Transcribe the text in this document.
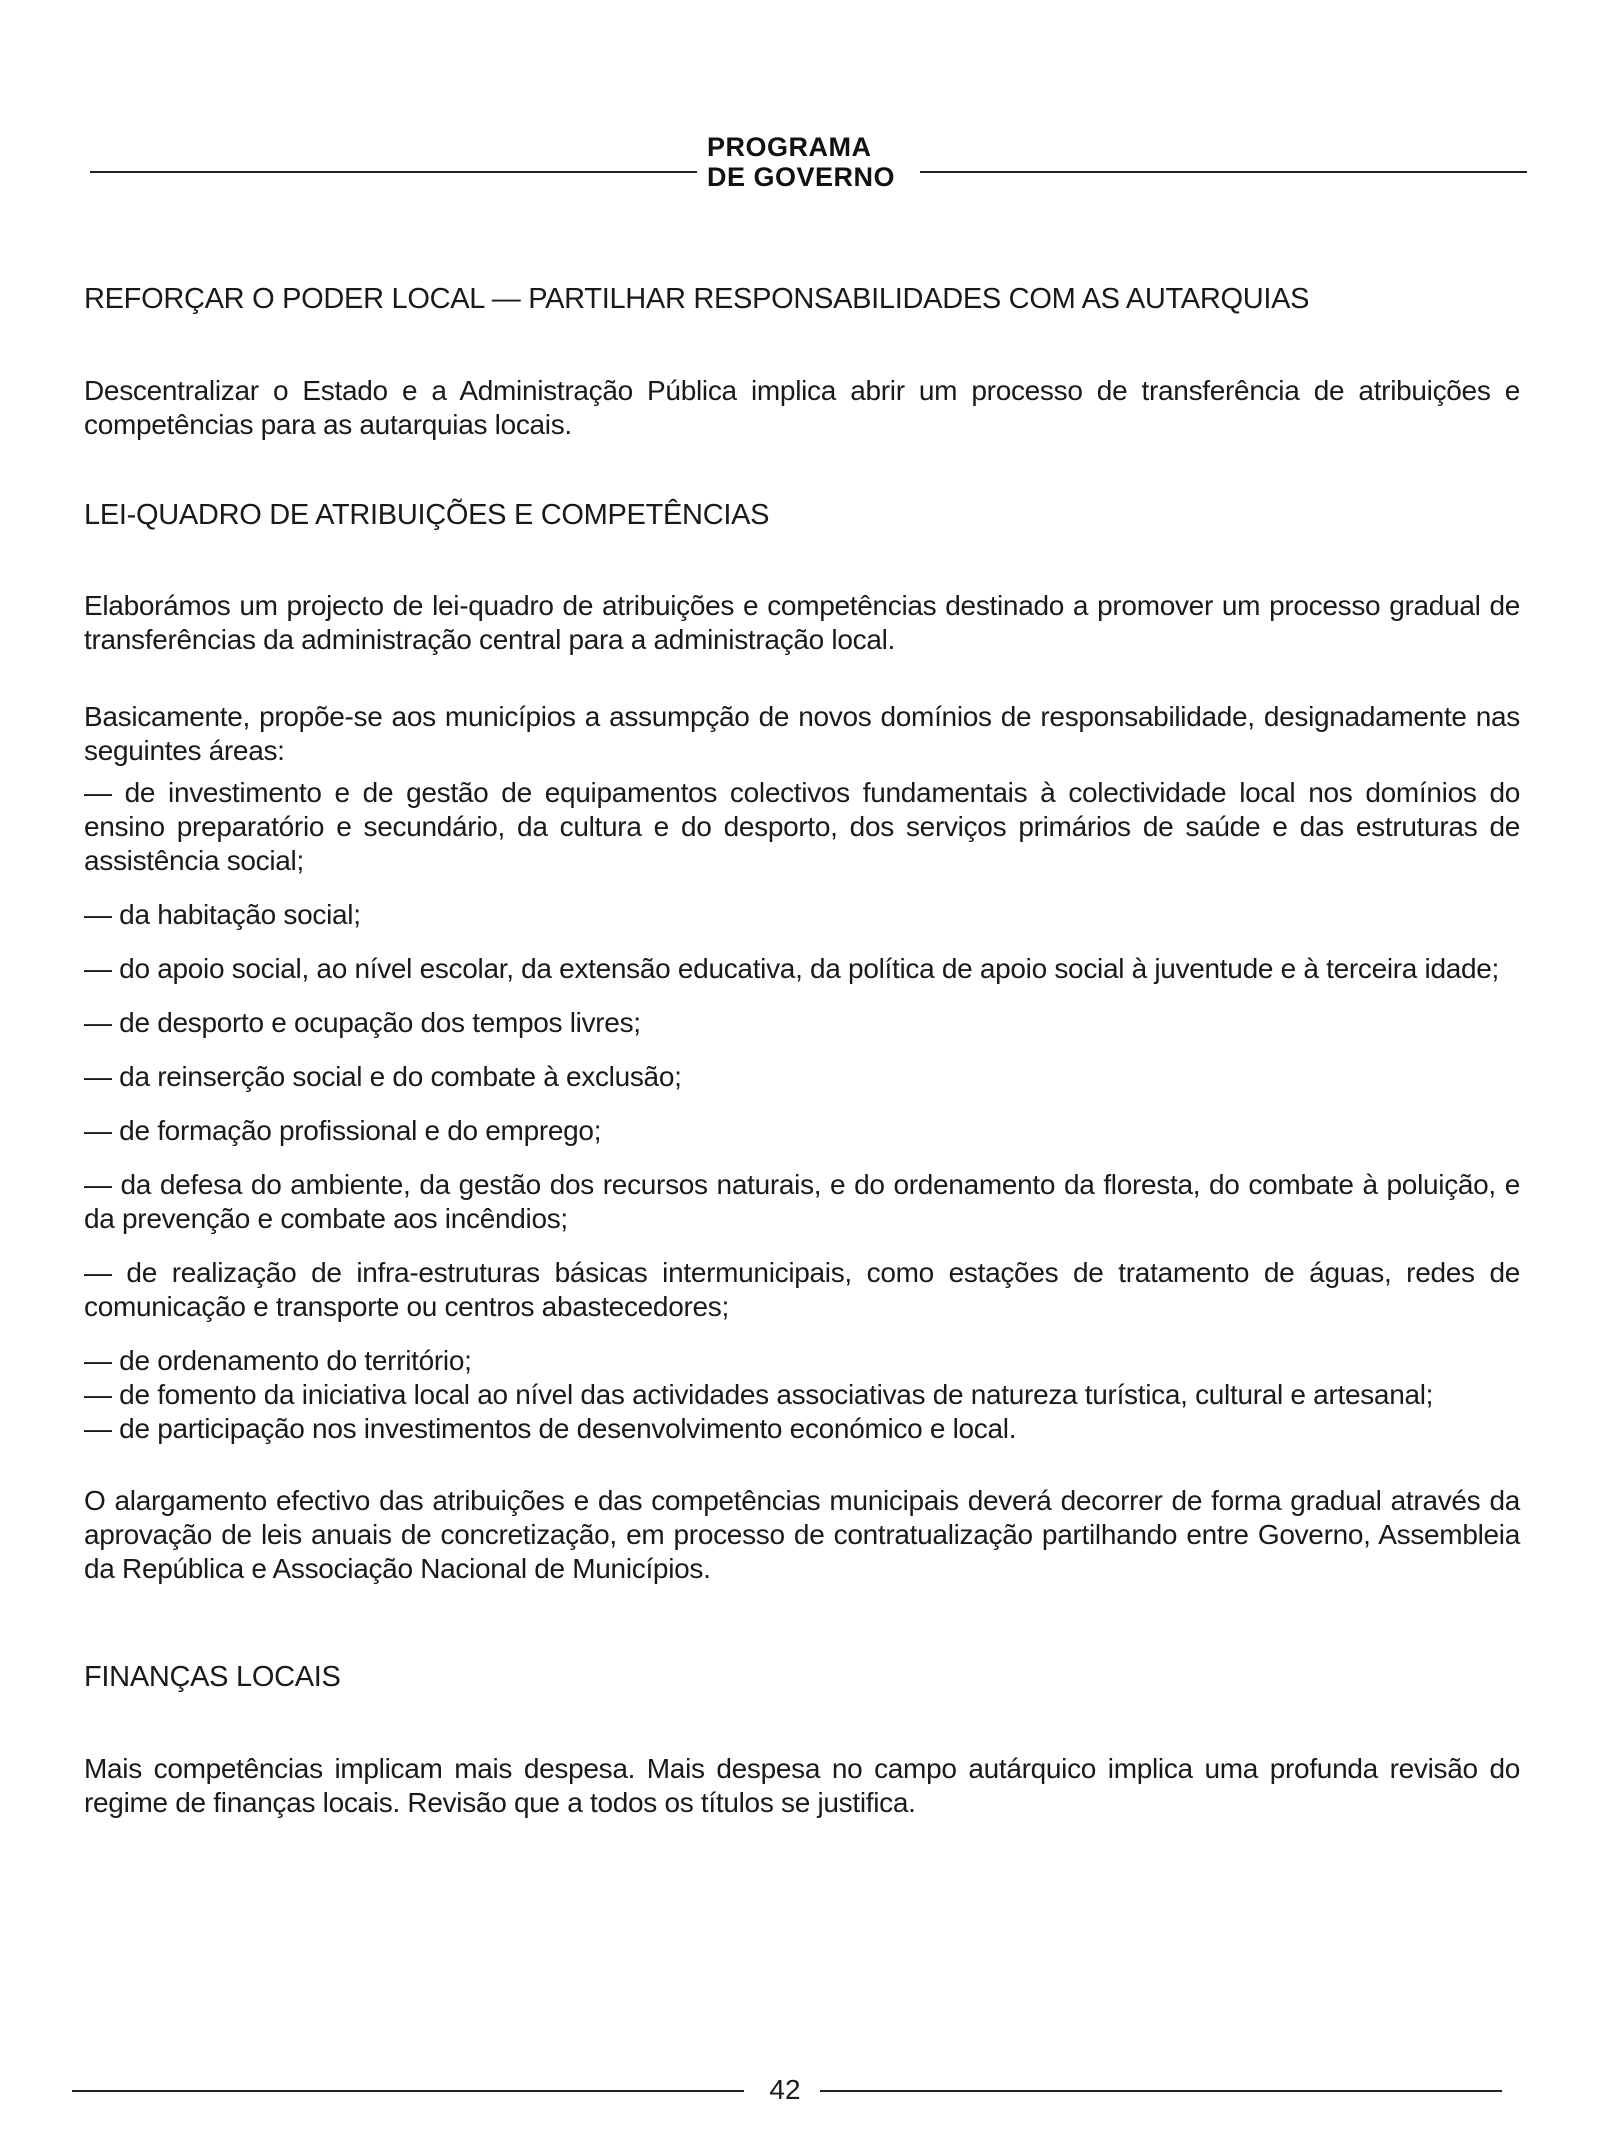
PROGRAMA
DE GOVERNO
REFORÇAR O PODER LOCAL — PARTILHAR RESPONSABILIDADES COM AS AUTARQUIAS

Descentralizar o Estado e a Administração Pública implica abrir um processo de transferência de atribuições e competências para as autarquias locais.

LEI-QUADRO DE ATRIBUIÇÕES E COMPETÊNCIAS

Elaborámos um projecto de lei-quadro de atribuições e competências destinado a promover um processo gradual de transferências da administração central para a administração local.

Basicamente, propõe-se aos municípios a assumpção de novos domínios de responsabilidade, designadamente nas seguintes áreas:

— de investimento e de gestão de equipamentos colectivos fundamentais à colectividade local nos domínios do ensino preparatório e secundário, da cultura e do desporto, dos serviços primários de saúde e das estruturas de assistência social;

— da habitação social;

— do apoio social, ao nível escolar, da extensão educativa, da política de apoio social à juventude e à terceira idade;

— de desporto e ocupação dos tempos livres;

— da reinserção social e do combate à exclusão;

— de formação profissional e do emprego;

— da defesa do ambiente, da gestão dos recursos naturais, e do ordenamento da floresta, do combate à poluição, e da prevenção e combate aos incêndios;

— de realização de infra-estruturas básicas intermunicipais, como estações de tratamento de águas, redes de comunicação e transporte ou centros abastecedores;

— de ordenamento do território;

— de fomento da iniciativa local ao nível das actividades associativas de natureza turística, cultural e artesanal;

— de participação nos investimentos de desenvolvimento económico e local.

O alargamento efectivo das atribuições e das competências municipais deverá decorrer de forma gradual através da aprovação de leis anuais de concretização, em processo de contratualização partilhando entre Governo, Assembleia da República e Associação Nacional de Municípios.

FINANÇAS LOCAIS

Mais competências implicam mais despesa. Mais despesa no campo autárquico implica uma profunda revisão do regime de finanças locais. Revisão que a todos os títulos se justifica.

42
